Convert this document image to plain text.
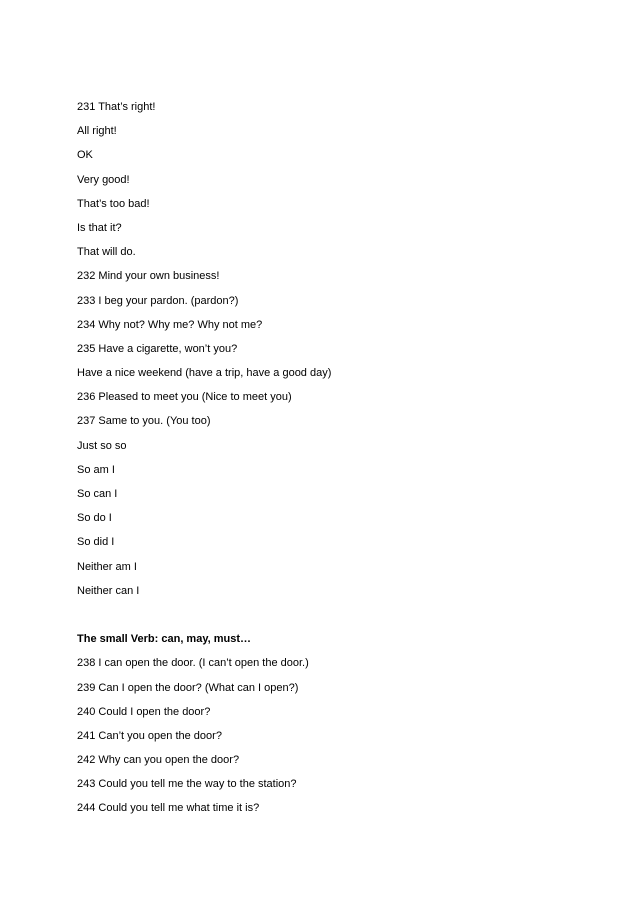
231 That’s right!
All right!
OK
Very good!
That’s too bad!
Is that it?
That will do.
232 Mind your own business!
233 I beg your pardon. (pardon?)
234 Why not? Why me? Why not me?
235 Have a cigarette, won’t you?
Have a nice weekend (have a trip, have a good day)
236 Pleased to meet you (Nice to meet you)
237 Same to you. (You too)
Just so so
So am I
So can I
So do I
So did I
Neither am I
Neither can I
The small Verb: can, may, must…
238 I can open the door. (I can’t open the door.)
239 Can I open the door? (What can I open?)
240 Could I open the door?
241 Can’t you open the door?
242 Why can you open the door?
243 Could you tell me the way to the station?
244 Could you tell me what time it is?
